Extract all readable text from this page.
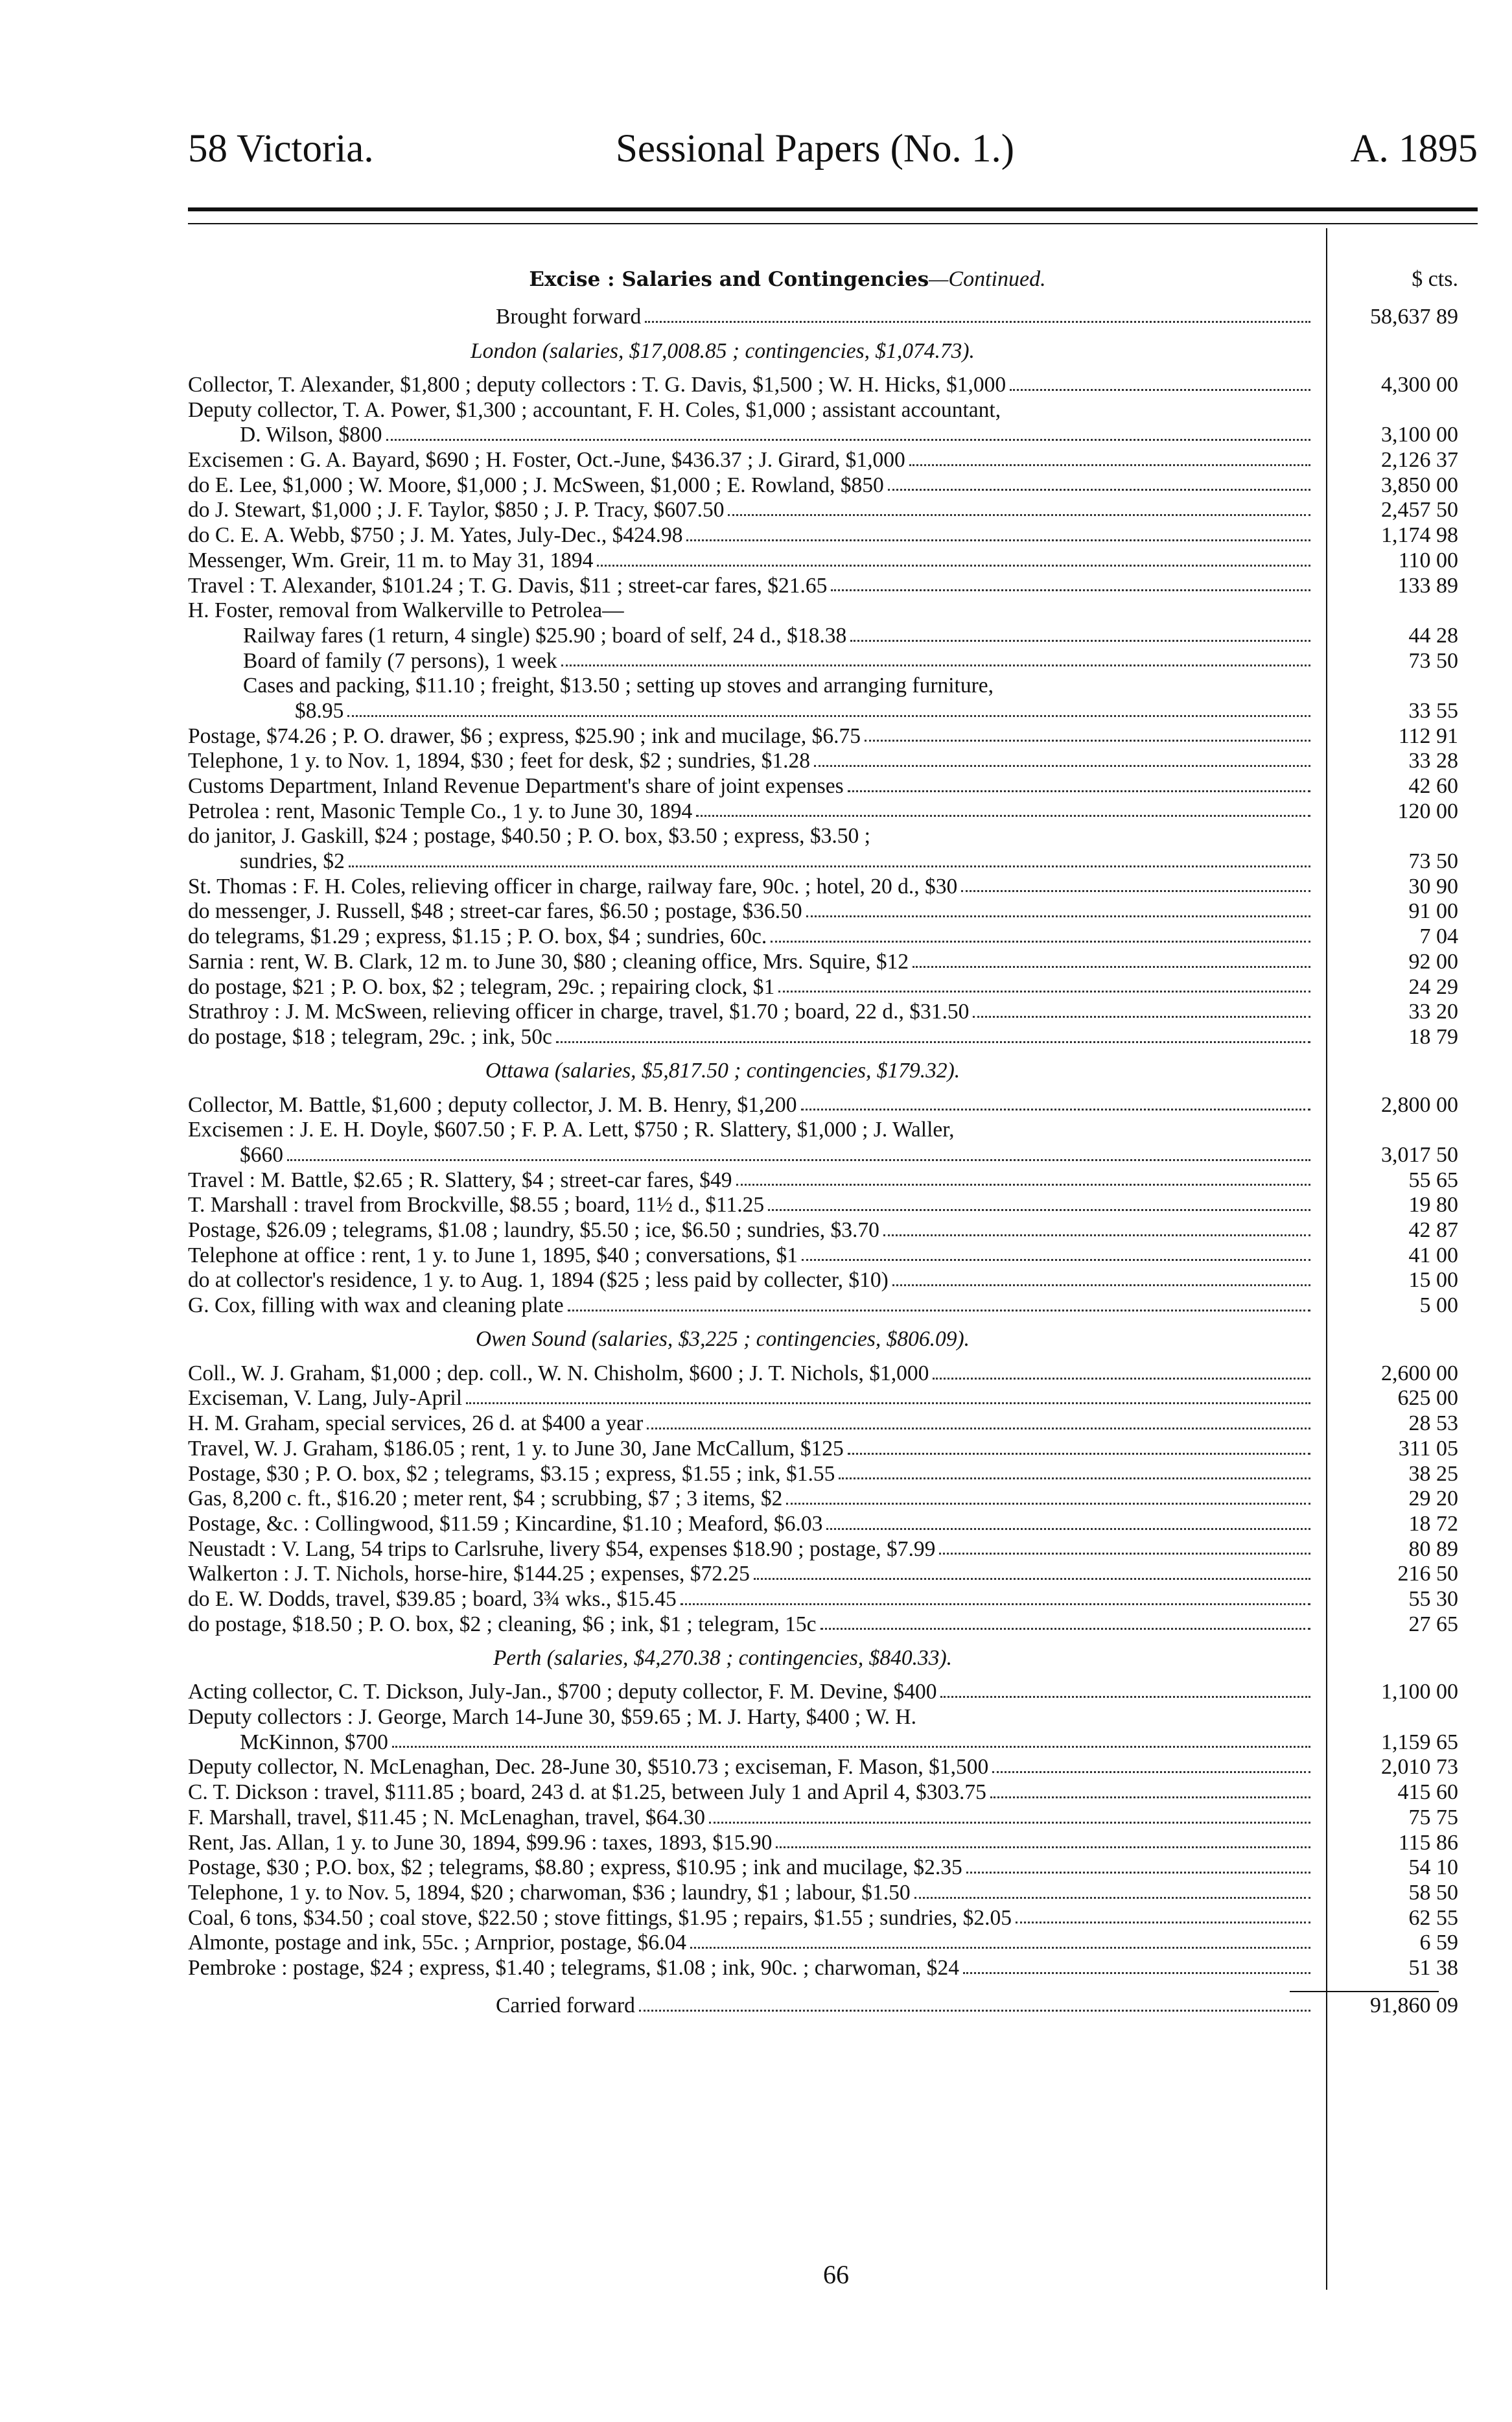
58 Victoria.	Sessional Papers (No. 1.)	A. 1895
Excise : Salaries and Contingencies —Continued.	$ cts.
Brought forward	58,637 89
London (salaries, $17,008.85 ; contingencies, $1,074.73).
Collector, T. Alexander, $1,800 ; deputy collectors : T. G. Davis, $1,500 ; W. H. Hicks, $1,000	4,300 00
Deputy collector, T. A. Power, $1,300 ; accountant, F. H. Coles, $1,000 ; assistant accountant,
D. Wilson, $800	3,100 00
Excisemen : G. A. Bayard, $690 ; H. Foster, Oct.-June, $436.37 ; J. Girard, $1,000	2,126 37
do E. Lee, $1,000 ; W. Moore, $1,000 ; J. McSween, $1,000 ; E. Rowland, $850	3,850 00
do J. Stewart, $1,000 ; J. F. Taylor, $850 ; J. P. Tracy, $607.50	2,457 50
do C. E. A. Webb, $750 ; J. M. Yates, July-Dec., $424.98	1,174 98
Messenger, Wm. Greir, 11 m. to May 31, 1894	110 00
Travel : T. Alexander, $101.24 ; T. G. Davis, $11 ; street-car fares, $21.65	133 89
H. Foster, removal from Walkerville to Petrolea—
Railway fares (1 return, 4 single) $25.90 ; board of self, 24 d., $18.38	44 28
Board of family (7 persons), 1 week	73 50
Cases and packing, $11.10 ; freight, $13.50 ; setting up stoves and arranging furniture,
$8.95	33 55
Postage, $74.26 ; P. O. drawer, $6 ; express, $25.90 ; ink and mucilage, $6.75	112 91
Telephone, 1 y. to Nov. 1, 1894, $30 ; feet for desk, $2 ; sundries, $1.28	33 28
Customs Department, Inland Revenue Department's share of joint expenses	42 60
Petrolea : rent, Masonic Temple Co., 1 y. to June 30, 1894	120 00
do janitor, J. Gaskill, $24 ; postage, $40.50 ; P. O. box, $3.50 ; express, $3.50 ;
sundries, $2	73 50
St. Thomas : F. H. Coles, relieving officer in charge, railway fare, 90c. ; hotel, 20 d., $30	30 90
do messenger, J. Russell, $48 ; street-car fares, $6.50 ; postage, $36.50	91 00
do telegrams, $1.29 ; express, $1.15 ; P. O. box, $4 ; sundries, 60c.	7 04
Sarnia : rent, W. B. Clark, 12 m. to June 30, $80 ; cleaning office, Mrs. Squire, $12	92 00
do postage, $21 ; P. O. box, $2 ; telegram, 29c. ; repairing clock, $1	24 29
Strathroy : J. M. McSween, relieving officer in charge, travel, $1.70 ; board, 22 d., $31.50	33 20
do postage, $18 ; telegram, 29c. ; ink, 50c	18 79
Ottawa (salaries, $5,817.50 ; contingencies, $179.32).
Collector, M. Battle, $1,600 ; deputy collector, J. M. B. Henry, $1,200	2,800 00
Excisemen : J. E. H. Doyle, $607.50 ; F. P. A. Lett, $750 ; R. Slattery, $1,000 ; J. Waller,
$660	3,017 50
Travel : M. Battle, $2.65 ; R. Slattery, $4 ; street-car fares, $49	55 65
T. Marshall : travel from Brockville, $8.55 ; board, 11½ d., $11.25	19 80
Postage, $26.09 ; telegrams, $1.08 ; laundry, $5.50 ; ice, $6.50 ; sundries, $3.70	42 87
Telephone at office : rent, 1 y. to June 1, 1895, $40 ; conversations, $1	41 00
do at collector's residence, 1 y. to Aug. 1, 1894 ($25 ; less paid by collecter, $10)	15 00
G. Cox, filling with wax and cleaning plate	5 00
Owen Sound (salaries, $3,225 ; contingencies, $806.09).
Coll., W. J. Graham, $1,000 ; dep. coll., W. N. Chisholm, $600 ; J. T. Nichols, $1,000	2,600 00
Exciseman, V. Lang, July-April	625 00
H. M. Graham, special services, 26 d. at $400 a year	28 53
Travel, W. J. Graham, $186.05 ; rent, 1 y. to June 30, Jane McCallum, $125	311 05
Postage, $30 ; P. O. box, $2 ; telegrams, $3.15 ; express, $1.55 ; ink, $1.55	38 25
Gas, 8,200 c. ft., $16.20 ; meter rent, $4 ; scrubbing, $7 ; 3 items, $2	29 20
Postage, &c. : Collingwood, $11.59 ; Kincardine, $1.10 ; Meaford, $6.03	18 72
Neustadt : V. Lang, 54 trips to Carlsruhe, livery $54, expenses $18.90 ; postage, $7.99	80 89
Walkerton : J. T. Nichols, horse-hire, $144.25 ; expenses, $72.25	216 50
do E. W. Dodds, travel, $39.85 ; board, 3¾ wks., $15.45	55 30
do postage, $18.50 ; P. O. box, $2 ; cleaning, $6 ; ink, $1 ; telegram, 15c	27 65
Perth (salaries, $4,270.38 ; contingencies, $840.33).
Acting collector, C. T. Dickson, July-Jan., $700 ; deputy collector, F. M. Devine, $400	1,100 00
Deputy collectors : J. George, March 14-June 30, $59.65 ; M. J. Harty, $400 ; W. H.
McKinnon, $700	1,159 65
Deputy collector, N. McLenaghan, Dec. 28-June 30, $510.73 ; exciseman, F. Mason, $1,500	2,010 73
C. T. Dickson : travel, $111.85 ; board, 243 d. at $1.25, between July 1 and April 4, $303.75	415 60
F. Marshall, travel, $11.45 ; N. McLenaghan, travel, $64.30	75 75
Rent, Jas. Allan, 1 y. to June 30, 1894, $99.96 : taxes, 1893, $15.90	115 86
Postage, $30 ; P.O. box, $2 ; telegrams, $8.80 ; express, $10.95 ; ink and mucilage, $2.35	54 10
Telephone, 1 y. to Nov. 5, 1894, $20 ; charwoman, $36 ; laundry, $1 ; labour, $1.50	58 50
Coal, 6 tons, $34.50 ; coal stove, $22.50 ; stove fittings, $1.95 ; repairs, $1.55 ; sundries, $2.05	62 55
Almonte, postage and ink, 55c. ; Arnprior, postage, $6.04	6 59
Pembroke : postage, $24 ; express, $1.40 ; telegrams, $1.08 ; ink, 90c. ; charwoman, $24	51 38
Carried forward	91,860 09
66
